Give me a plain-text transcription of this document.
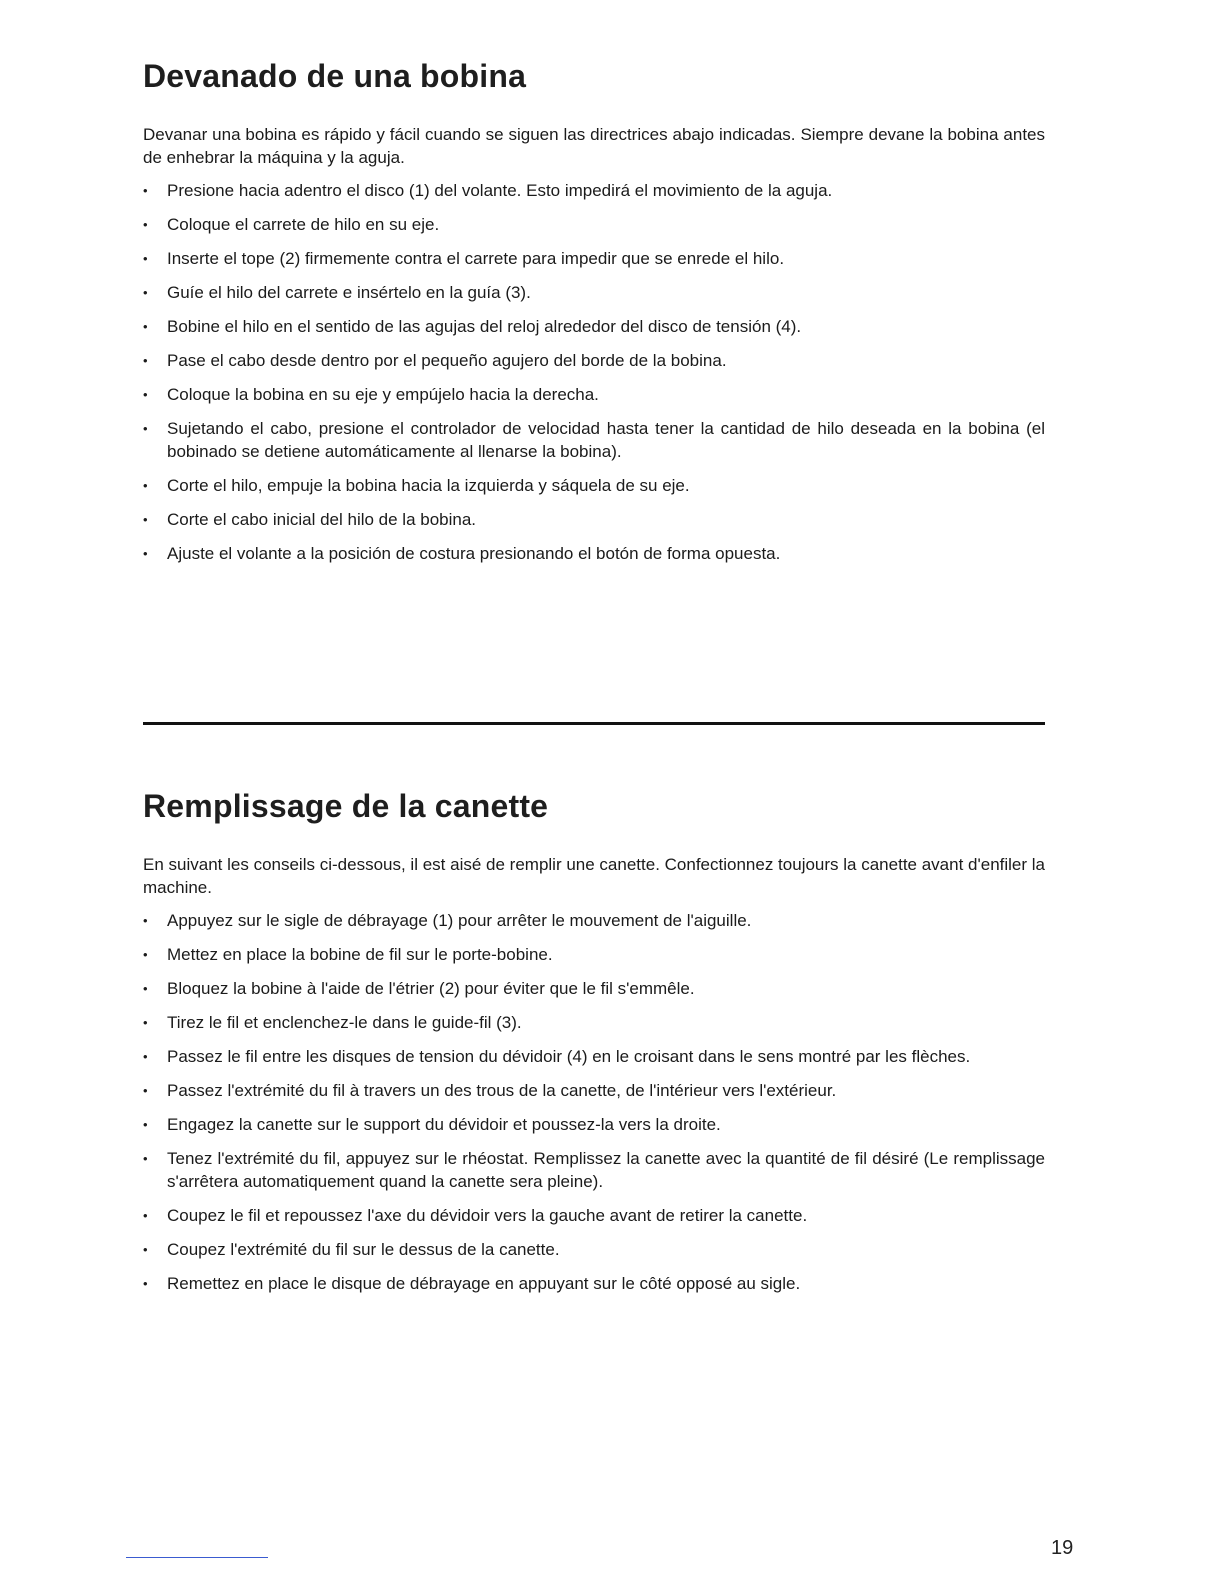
Devanado de una bobina

Devanar una bobina es rápido y fácil cuando se siguen las directrices abajo indicadas. Siempre devane la bobina antes de enhebrar la máquina y la aguja.

•	Presione hacia adentro el disco (1) del volante. Esto impedirá el movimiento de la aguja.
•	Coloque el carrete de hilo en su eje.
•	Inserte el tope (2) firmemente contra el carrete para impedir que se enrede el hilo.
•	Guíe el hilo del carrete e insértelo en la guía (3).
•	Bobine el hilo en el sentido de las agujas del reloj alrededor del disco de tensión (4).
•	Pase el cabo desde dentro por el pequeño agujero del borde de la bobina.
•	Coloque la bobina en su eje y empújelo hacia la derecha.
•	Sujetando el cabo, presione el controlador de velocidad hasta tener la cantidad de hilo deseada en la bobina (el bobinado se detiene automáticamente al llenarse la bobina).
•	Corte el hilo, empuje la bobina hacia la izquierda y sáquela de su eje.
•	Corte el cabo inicial del hilo de la bobina.
•	Ajuste el volante a la posición de costura presionando el botón de forma opuesta.
Remplissage de la canette

En suivant les conseils ci-dessous, il est aisé de remplir une canette. Confectionnez toujours la canette avant d'enfiler la machine.

•	Appuyez sur le sigle de débrayage (1) pour arrêter le mouvement de l'aiguille.
•	Mettez en place la bobine de fil sur le porte-bobine.
•	Bloquez la bobine à l'aide de l'étrier (2) pour éviter que le fil s'emmêle.
•	Tirez le fil et enclenchez-le dans le guide-fil (3).
•	Passez le fil entre les disques de tension du dévidoir (4) en le croisant dans le sens montré par les flèches.
•	Passez l'extrémité du fil à travers un des trous de la canette, de l'intérieur vers l'extérieur.
•	Engagez la canette sur le support du dévidoir et poussez-la vers la droite.
•	Tenez l'extrémité du fil, appuyez sur le rhéostat. Remplissez la canette avec la quantité de fil désiré (Le remplissage s'arrêtera automatiquement quand la canette sera pleine).
•	Coupez le fil et repoussez l'axe du dévidoir vers la gauche avant de retirer la canette.
•	Coupez l'extrémité du fil sur le dessus de la canette.
•	Remettez en place le disque de débrayage en appuyant sur le côté opposé au sigle.
19
